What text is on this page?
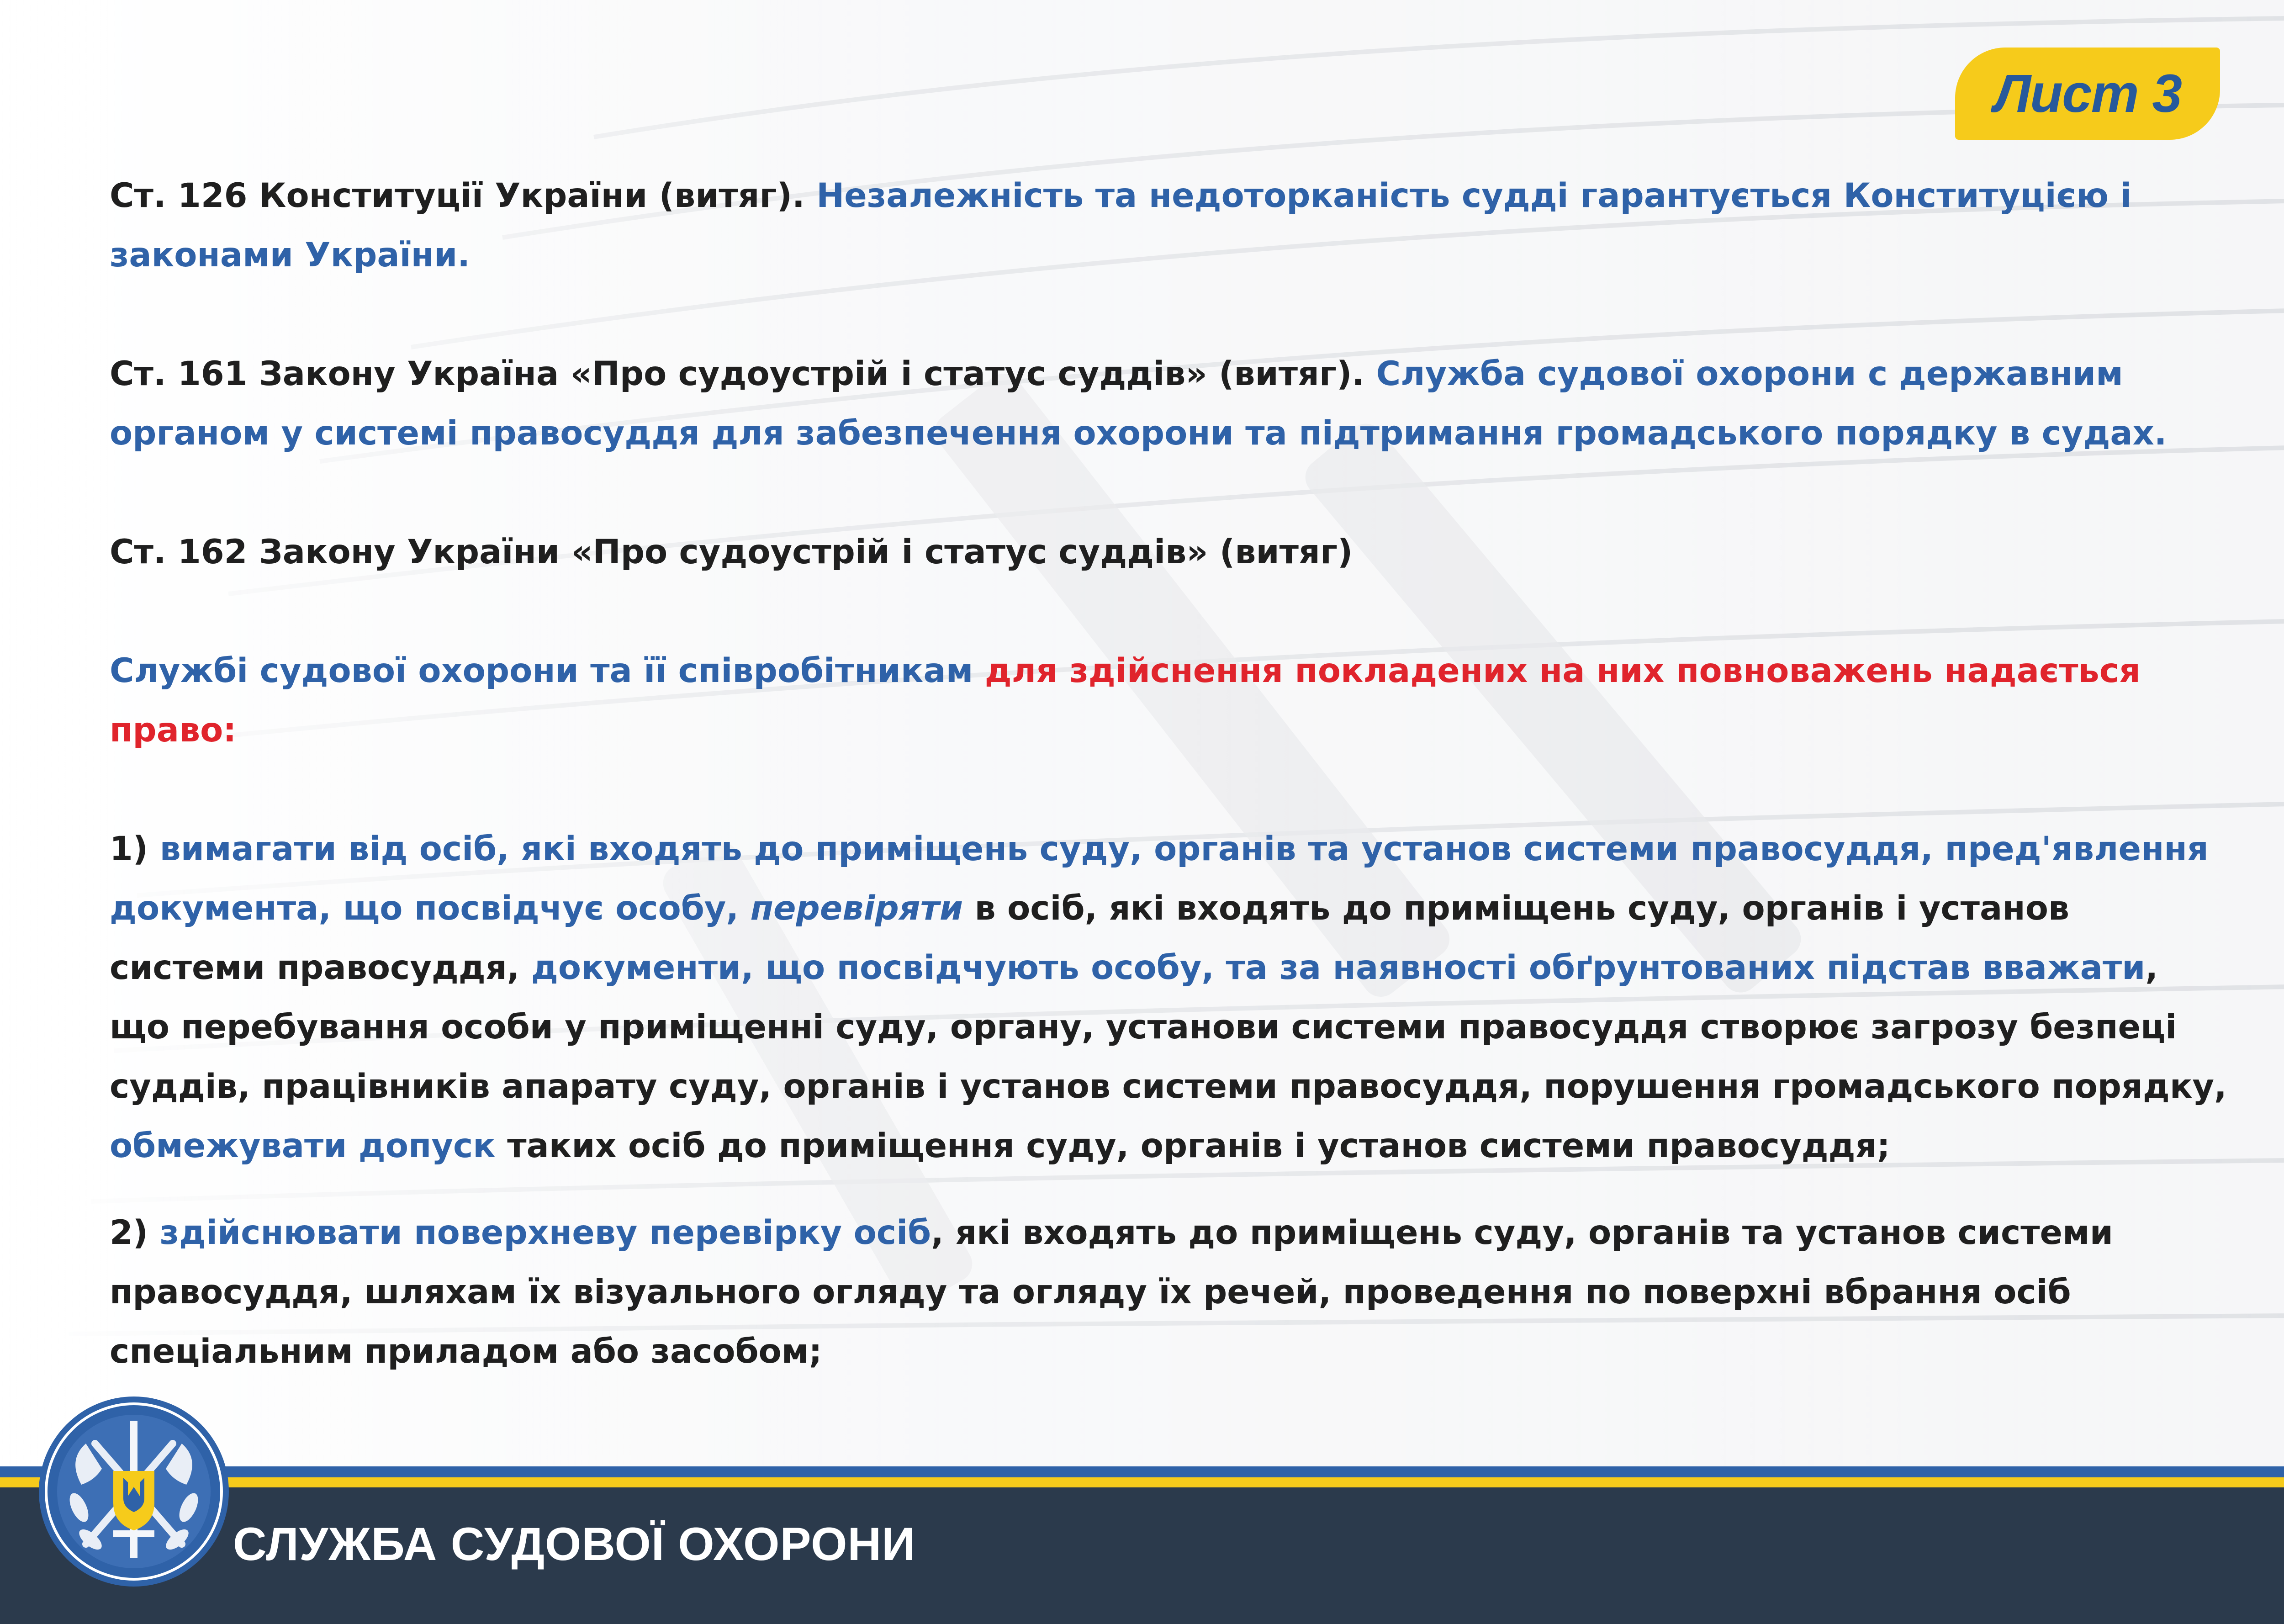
Лист 3

Ст. 126 Конституції України (витяг). Незалежність та недоторканість судді гарантується Конституцією і законами України.

Ст. 161 Закону Україна «Про судоустрій і статус суддів» (витяг). Служба судової охорони с державним органом у системі правосуддя для забезпечення охорони та підтримання громадського порядку в судах.

Ст. 162 Закону України «Про судоустрій і статус суддів» (витяг)

Службі судової охорони та її співробітникам для здійснення покладених на них повноважень надається право:

1) вимагати від осіб, які входять до приміщень суду, органів та установ системи правосуддя, пред'явлення документа, що посвідчує особу, перевіряти в осіб, які входять до приміщень суду, органів і установ системи правосуддя, документи, що посвідчують особу, та за наявності обґрунтованих підстав вважати, що перебування особи у приміщенні суду, органу, установи системи правосуддя створює загрозу безпеці суддів, працівників апарату суду, органів і установ системи правосуддя, порушення громадського порядку, обмежувати допуск таких осіб до приміщення суду, органів і установ системи правосуддя;

2) здійснювати поверхневу перевірку осіб, які входять до приміщень суду, органів та установ системи правосуддя, шляхам їх візуального огляду та огляду їх речей, проведення по поверхні вбрання осіб спеціальним приладом або засобом;

СЛУЖБА СУДОВОЇ ОХОРОНИ
